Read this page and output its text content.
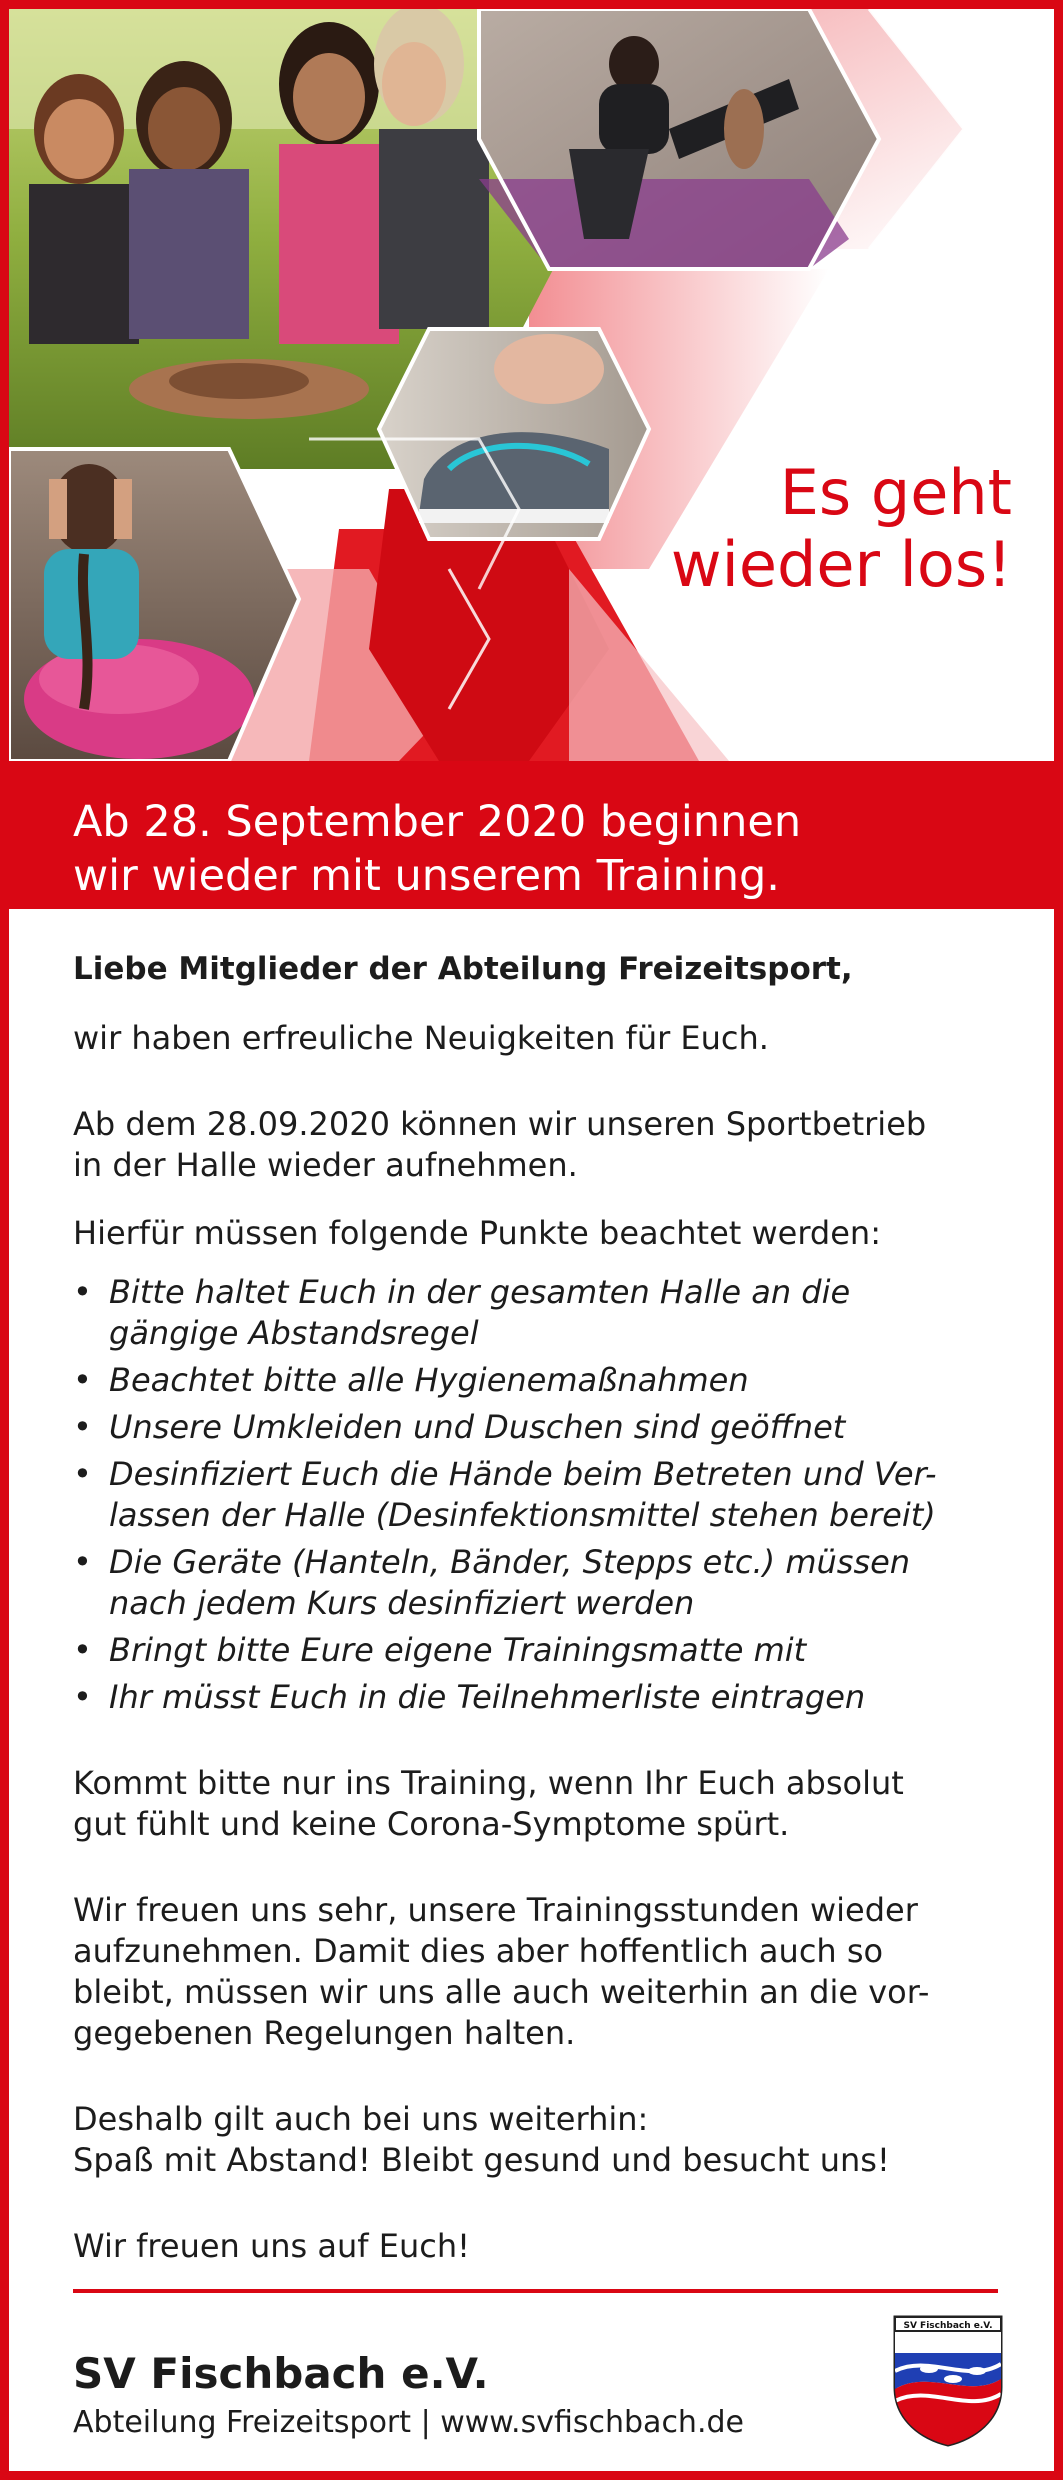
Es geht
wieder los!
Ab 28. September 2020 beginnen
wir wieder mit unserem Training.

Liebe Mitglieder der Abteilung Freizeitsport,

wir haben erfreuliche Neuigkeiten für Euch.

Ab dem 28.09.2020 können wir unseren Sportbetrieb
in der Halle wieder aufnehmen.

Hierfür müssen folgende Punkte beachtet werden:

• Bitte haltet Euch in der gesamten Halle an die
gängige Abstandsregel
• Beachtet bitte alle Hygienemaßnahmen
• Unsere Umkleiden und Duschen sind geöffnet
• Desinfiziert Euch die Hände beim Betreten und Ver-
lassen der Halle (Desinfektionsmittel stehen bereit)
• Die Geräte (Hanteln, Bänder, Stepps etc.) müssen
nach jedem Kurs desinfiziert werden
• Bringt bitte Eure eigene Trainingsmatte mit
• Ihr müsst Euch in die Teilnehmerliste eintragen

Kommt bitte nur ins Training, wenn Ihr Euch absolut
gut fühlt und keine Corona-Symptome spürt.

Wir freuen uns sehr, unsere Trainingsstunden wieder
aufzunehmen. Damit dies aber hoffentlich auch so
bleibt, müssen wir uns alle auch weiterhin an die vor-
gegebenen Regelungen halten.

Deshalb gilt auch bei uns weiterhin:
Spaß mit Abstand! Bleibt gesund und besucht uns!

Wir freuen uns auf Euch!

SV Fischbach e.V.
Abteilung Freizeitsport | www.svfischbach.de
SV Fischbach e.V.
